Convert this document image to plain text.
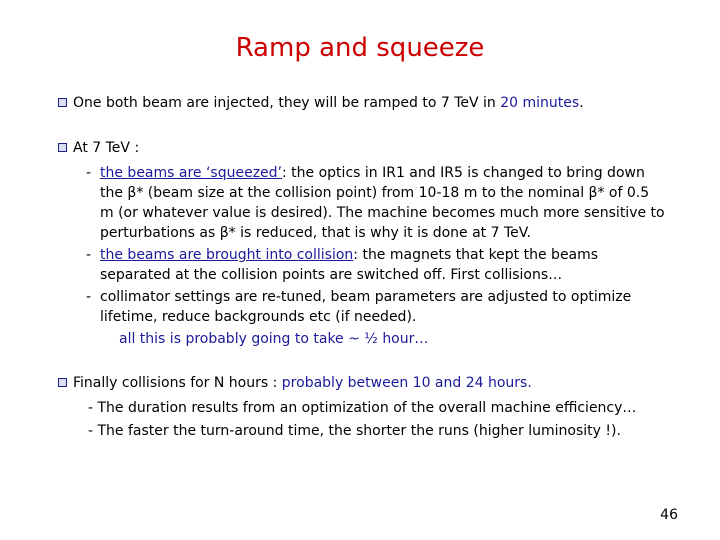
Ramp and squeeze
One both beam are injected, they will be ramped to 7 TeV in 20 minutes.
At 7 TeV :
- the beams are ‘squeezed’: the optics in IR1 and IR5 is changed to bring down
the β* (beam size at the collision point) from 10-18 m to the nominal β* of 0.5
m (or whatever value is desired). The machine becomes much more sensitive to
perturbations as β* is reduced, that is why it is done at 7 TeV.
- the beams are brought into collision: the magnets that kept the beams
separated at the collision points are switched off. First collisions…
- collimator settings are re-tuned, beam parameters are adjusted to optimize
lifetime, reduce backgrounds etc (if needed).
all this is probably going to take ~ ½ hour…
Finally collisions for N hours : probably between 10 and 24 hours.
- The duration results from an optimization of the overall machine efficiency…
- The faster the turn-around time, the shorter the runs (higher luminosity !).
46
